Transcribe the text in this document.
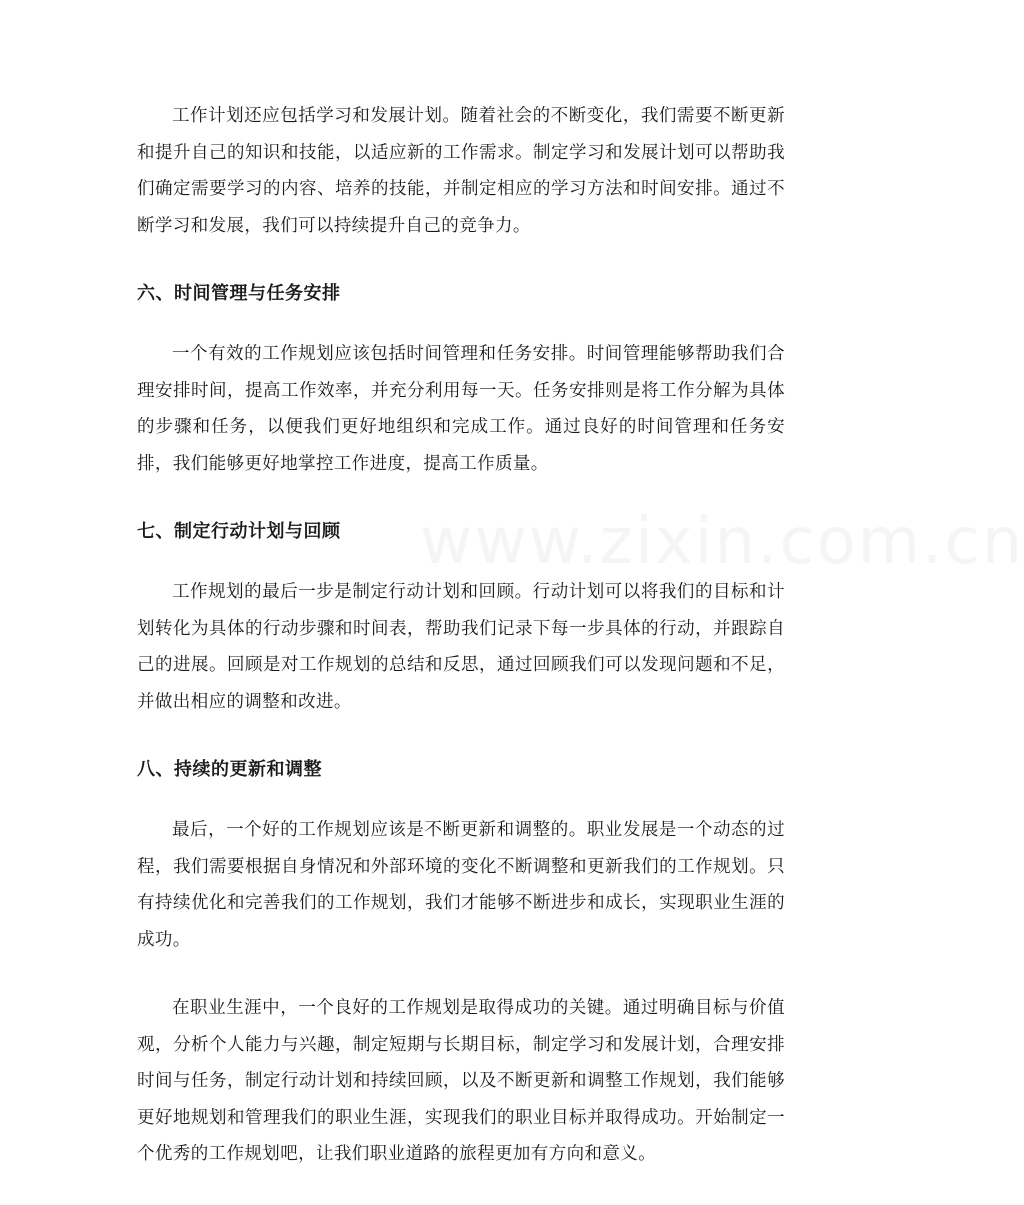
工作计划还应包括学习和发展计划。随着社会的不断变化，我们需要不断更新和提升自己的知识和技能，以适应新的工作需求。制定学习和发展计划可以帮助我们确定需要学习的内容、培养的技能，并制定相应的学习方法和时间安排。通过不断学习和发展，我们可以持续提升自己的竞争力。

六、时间管理与任务安排

一个有效的工作规划应该包括时间管理和任务安排。时间管理能够帮助我们合理安排时间，提高工作效率，并充分利用每一天。任务安排则是将工作分解为具体的步骤和任务，以便我们更好地组织和完成工作。通过良好的时间管理和任务安排，我们能够更好地掌控工作进度，提高工作质量。

七、制定行动计划与回顾

工作规划的最后一步是制定行动计划和回顾。行动计划可以将我们的目标和计划转化为具体的行动步骤和时间表，帮助我们记录下每一步具体的行动，并跟踪自己的进展。回顾是对工作规划的总结和反思，通过回顾我们可以发现问题和不足，并做出相应的调整和改进。

八、持续的更新和调整

最后，一个好的工作规划应该是不断更新和调整的。职业发展是一个动态的过程，我们需要根据自身情况和外部环境的变化不断调整和更新我们的工作规划。只有持续优化和完善我们的工作规划，我们才能够不断进步和成长，实现职业生涯的成功。

在职业生涯中，一个良好的工作规划是取得成功的关键。通过明确目标与价值观，分析个人能力与兴趣，制定短期与长期目标，制定学习和发展计划，合理安排时间与任务，制定行动计划和持续回顾，以及不断更新和调整工作规划，我们能够更好地规划和管理我们的职业生涯，实现我们的职业目标并取得成功。开始制定一个优秀的工作规划吧，让我们职业道路的旅程更加有方向和意义。

www.zixin.com.cn
